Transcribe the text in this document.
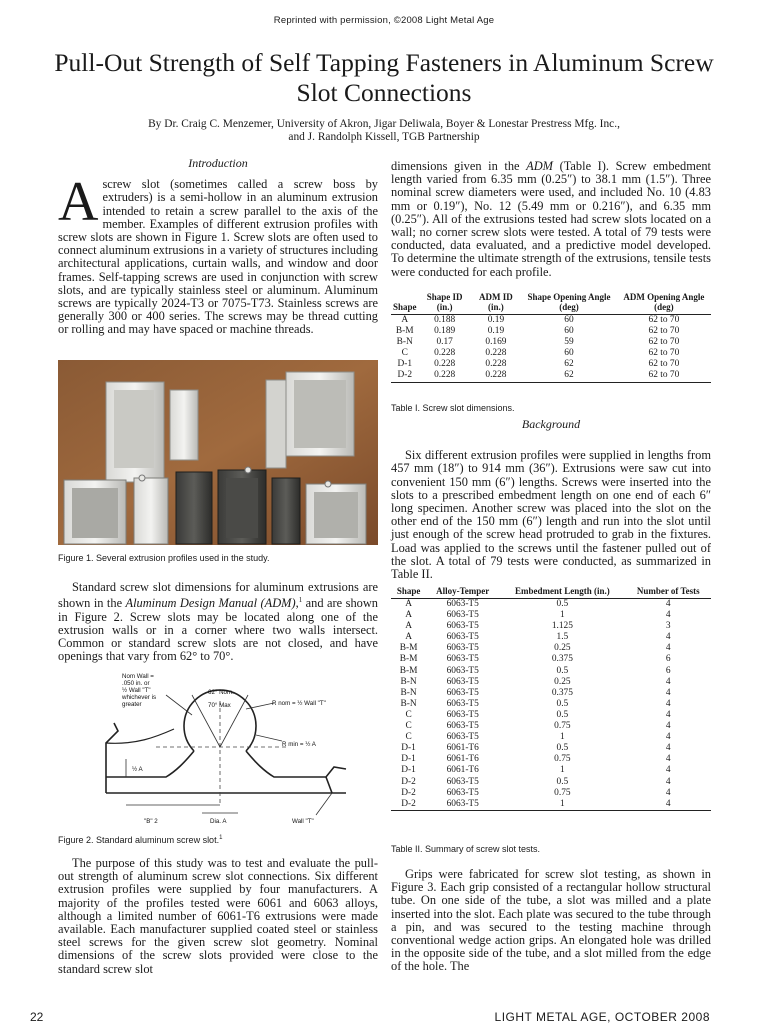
Reprinted with permission, ©2008 Light Metal Age
Pull-Out Strength of Self Tapping Fasteners in Aluminum Screw Slot Connections
By Dr. Craig C. Menzemer, University of Akron, Jigar Deliwala, Boyer & Lonestar Prestress Mfg. Inc.,
and J. Randolph Kissell, TGB Partnership
Introduction

Ascrew slot (sometimes called a screw boss by extruders) is a semi-hollow in an aluminum extrusion intended to retain a screw parallel to the axis of the member. Examples of different extrusion profiles with screw slots are shown in Figure 1. Screw slots are often used to connect aluminum extrusions in a variety of structures including architectural applications, curtain walls, and window and door frames. Self-tapping screws are used in conjunction with screw slots, and are typically stainless steel or aluminum. Aluminum screws are typically 2024-T3 or 7075-T73. Stainless screws are generally 300 or 400 series. The screws may be thread cutting or rolling and may have spaced or machine threads.

Figure 1. Several extrusion profiles used in the study.

Standard screw slot dimensions for aluminum extrusions are shown in the Aluminum Design Manual (ADM),$^1$ and are shown in Figure 2. Screw slots may be located along one of the extrusion walls or in a corner where two walls intersect. Common or standard screw slots are not closed, and have openings that vary from 62° to 70°.

Nom Wall =
.050 in. or
½ Wall "T"
whichever is
greater
62° Nom.
70° Max	R nom = ½ Wall "T"
R min = ½ A
½ A
"B" 2	Dia. A	Wall "T"
Figure 2. Standard aluminum screw slot.$^1$

The purpose of this study was to test and evaluate the pull-out strength of aluminum screw slot connections. Six different extrusion profiles were supplied by four manufacturers. A majority of the profiles tested were 6061 and 6063 alloys, although a limited number of 6061-T6 extrusions were made available. Each manufacturer supplied coated steel or stainless steel screws for the given screw slot geometry. Nominal dimensions of the screw slots provided were close to the standard screw slot

dimensions given in the ADM (Table I). Screw embedment length varied from 6.35 mm (0.25″) to 38.1 mm (1.5″). Three nominal screw diameters were used, and included No. 10 (4.83 mm or 0.19″), No. 12 (5.49 mm or 0.216″), and 6.35 mm (0.25″). All of the extrusions tested had screw slots located on a wall; no corner screw slots were tested. A total of 79 tests were conducted, data evaluated, and a predictive model developed. To determine the ultimate strength of the extrusions, tensile tests were conducted for each profile.

Shape	Shape ID (in.)	ADM ID (in.)	Shape Opening Angle (deg)	ADM Opening Angle (deg)
A	0.188	0.19	60	62 to 70
B-M	0.189	0.19	60	62 to 70
B-N	0.17	0.169	59	62 to 70
C	0.228	0.228	60	62 to 70
D-1	0.228	0.228	62	62 to 70
D-2	0.228	0.228	62	62 to 70
Table I. Screw slot dimensions.
Background

Six different extrusion profiles were supplied in lengths from 457 mm (18″) to 914 mm (36″). Extrusions were saw cut into convenient 150 mm (6″) lengths. Screws were inserted into the slots to a prescribed embedment length on one end of each 6″ long specimen. Another screw was placed into the slot on the other end of the 150 mm (6″) length and run into the slot until just enough of the screw head protruded to grab in the fixtures. Load was applied to the screws until the fastener pulled out of the slot. A total of 79 tests were conducted, as summarized in Table II.

Shape	Alloy-Temper	Embedment Length (in.)	Number of Tests
A	6063-T5	0.5	4
A	6063-T5	1	4
A	6063-T5	1.125	3
A	6063-T5	1.5	4
B-M	6063-T5	0.25	4
B-M	6063-T5	0.375	6
B-M	6063-T5	0.5	6
B-N	6063-T5	0.25	4
B-N	6063-T5	0.375	4
B-N	6063-T5	0.5	4
C	6063-T5	0.5	4
C	6063-T5	0.75	4
C	6063-T5	1	4
D-1	6061-T6	0.5	4
D-1	6061-T6	0.75	4
D-1	6061-T6	1	4
D-2	6063-T5	0.5	4
D-2	6063-T5	0.75	4
D-2	6063-T5	1	4
Table II. Summary of screw slot tests.

Grips were fabricated for screw slot testing, as shown in Figure 3. Each grip consisted of a rectangular hollow structural tube. On one side of the tube, a slot was milled and a plate inserted into the slot. Each plate was secured to the tube through a pin, and was secured to the testing machine through conventional wedge action grips. An elongated hole was drilled in the opposite side of the tube, and a slot milled from the edge of the hole. The

22	LIGHT METAL AGE, OCTOBER 2008
